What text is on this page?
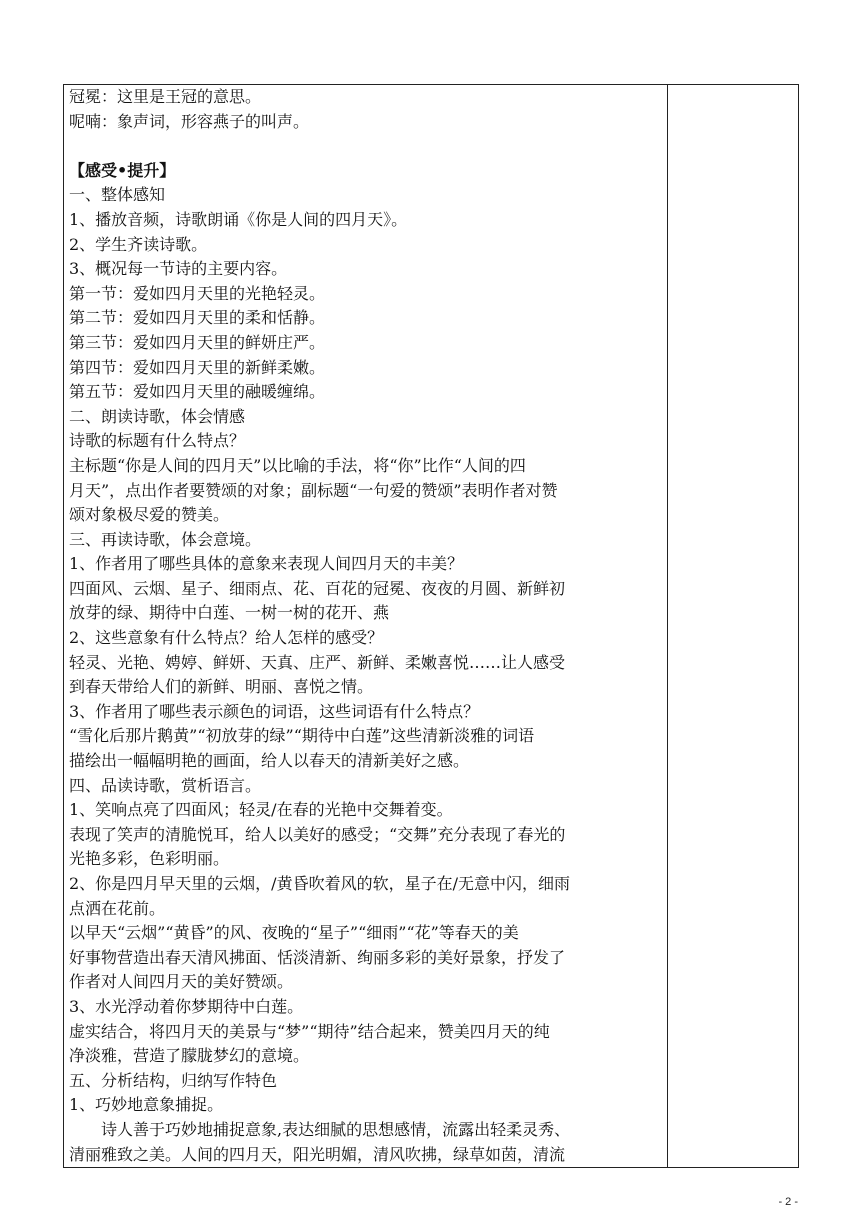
冠冕：这里是王冠的意思。
呢喃：象声词，形容燕子的叫声。
【感受•提升】
一、整体感知
1、播放音频，诗歌朗诵《你是人间的四月天》。
2、学生齐读诗歌。
3、概况每一节诗的主要内容。
第一节：爱如四月天里的光艳轻灵。
第二节：爱如四月天里的柔和恬静。
第三节：爱如四月天里的鲜妍庄严。
第四节：爱如四月天里的新鲜柔嫩。
第五节：爱如四月天里的融暖缠绵。
二、朗读诗歌，体会情感
诗歌的标题有什么特点？
主标题“你是人间的四月天”以比喻的手法，将“你”比作“人间的四
月天”，点出作者要赞颂的对象；副标题“一句爱的赞颂”表明作者对赞
颂对象极尽爱的赞美。
三、再读诗歌，体会意境。
1、作者用了哪些具体的意象来表现人间四月天的丰美？
四面风、云烟、星子、细雨点、花、百花的冠冕、夜夜的月圆、新鲜初
放芽的绿、期待中白莲、一树一树的花开、燕
2、这些意象有什么特点？给人怎样的感受？
轻灵、光艳、娉婷、鲜妍、天真、庄严、新鲜、柔嫩喜悦……让人感受
到春天带给人们的新鲜、明丽、喜悦之情。
3、作者用了哪些表示颜色的词语，这些词语有什么特点？
“雪化后那片鹅黄”“初放芽的绿”“期待中白莲”这些清新淡雅的词语
描绘出一幅幅明艳的画面，给人以春天的清新美好之感。
四、品读诗歌，赏析语言。
1、笑响点亮了四面风；轻灵/在春的光艳中交舞着变。
表现了笑声的清脆悦耳，给人以美好的感受；“交舞”充分表现了春光的
光艳多彩，色彩明丽。
2、你是四月早天里的云烟，/黄昏吹着风的软，星子在/无意中闪，细雨
点洒在花前。
以早天“云烟”“黄昏”的风、夜晚的“星子”“细雨”“花”等春天的美
好事物营造出春天清风拂面、恬淡清新、绚丽多彩的美好景象，抒发了
作者对人间四月天的美好赞颂。
3、水光浮动着你梦期待中白莲。
虚实结合，将四月天的美景与“梦”“期待”结合起来，赞美四月天的纯
净淡雅，营造了朦胧梦幻的意境。
五、分析结构，归纳写作特色
1、巧妙地意象捕捉。
诗人善于巧妙地捕捉意象,表达细腻的思想感情，流露出轻柔灵秀、
清丽雅致之美。人间的四月天，阳光明媚，清风吹拂，绿草如茵，清流

- 2 -
